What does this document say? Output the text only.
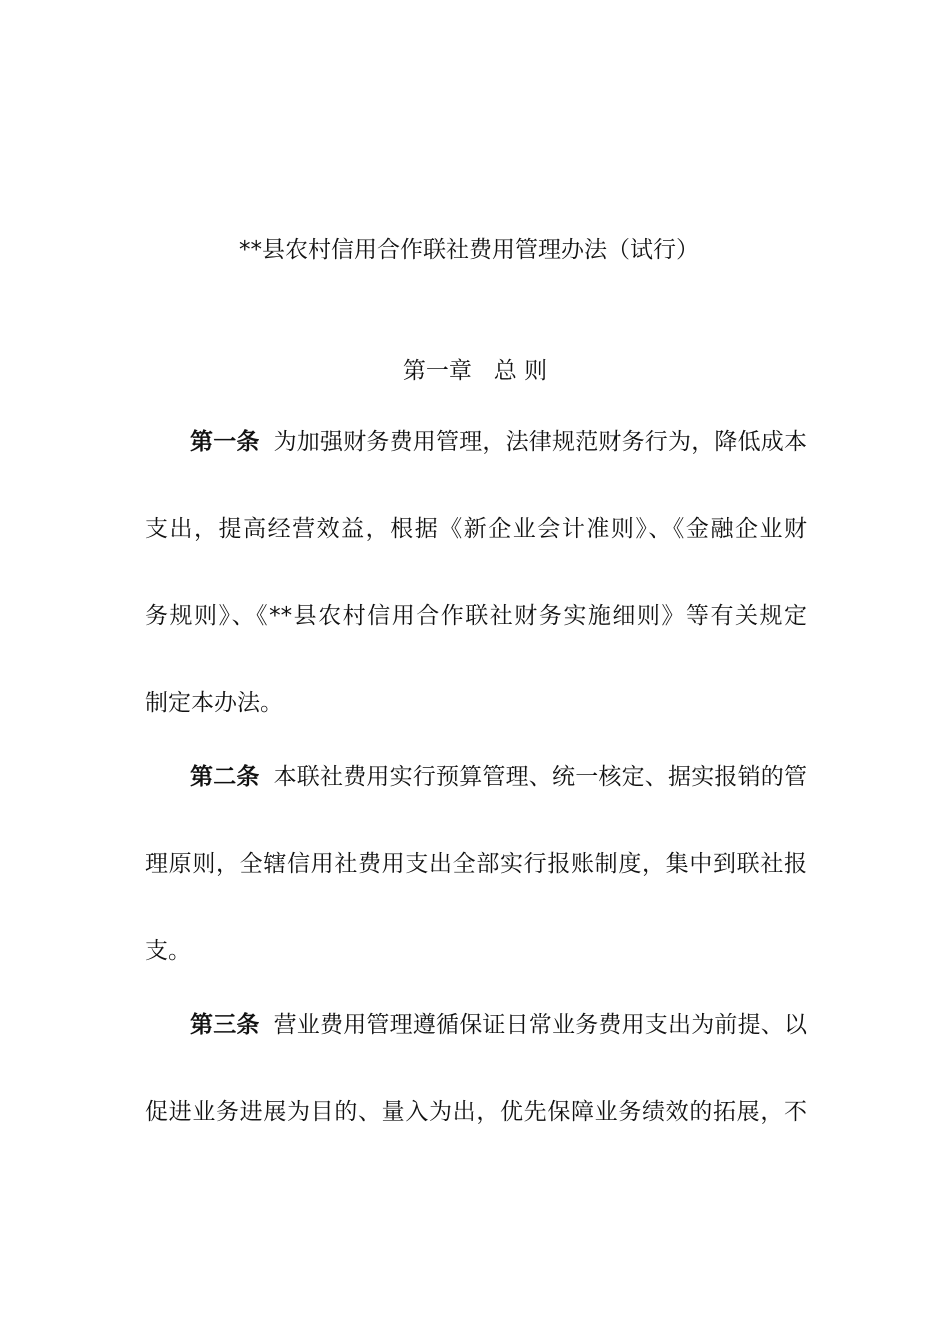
**县农村信用合作联社费用管理办法（试行）
第一章   总 则
第一条 为加强财务费用管理，法律规范财务行为，降低成本
支出，提高经营效益，根据《新企业会计准则》、《金融企业财
务规则》、《**县农村信用合作联社财务实施细则》等有关规定
制定本办法。
第二条 本联社费用实行预算管理、统一核定、据实报销的管
理原则，全辖信用社费用支出全部实行报账制度，集中到联社报
支。
第三条 营业费用管理遵循保证日常业务费用支出为前提、以
促进业务进展为目的、量入为出，优先保障业务绩效的拓展，不
